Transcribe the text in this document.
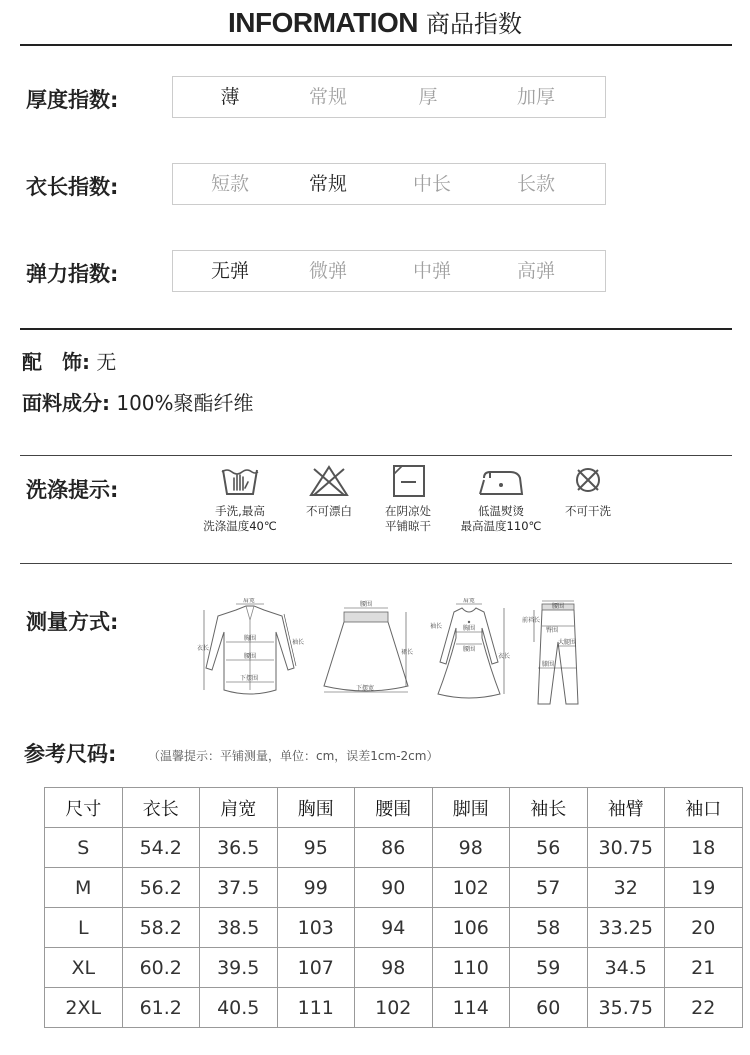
INFORMATION 商品指数
厚度指数:	薄	常规	厚	加厚
衣长指数:	短款	常规	中长	长款
弹力指数:	无弹	微弹	中弹	高弹
配　饰: 无
面料成分: 100%聚酯纤维
洗涤提示:
手洗,最高
洗涤温度40℃
不可漂白	在阴凉处
平铺晾干
低温熨烫
最高温度110℃
不可干洗
测量方式:
肩宽
胸围
腰围
下摆围
衣长
袖长
腰围
下摆宽
裙长
肩宽
胸围
腰围
袖长
衣长
腰围
臀围
大腿围
膝围
前裆长
参考尺码:	（温馨提示：平铺测量，单位：cm，误差1cm-2cm）
尺寸	衣长	肩宽	胸围	腰围	脚围	袖长	袖臂	袖口
S	54.2	36.5	95	86	98	56	30.75	18
M	56.2	37.5	99	90	102	57	32	19
L	58.2	38.5	103	94	106	58	33.25	20
XL	60.2	39.5	107	98	110	59	34.5	21
2XL	61.2	40.5	111	102	114	60	35.75	22
